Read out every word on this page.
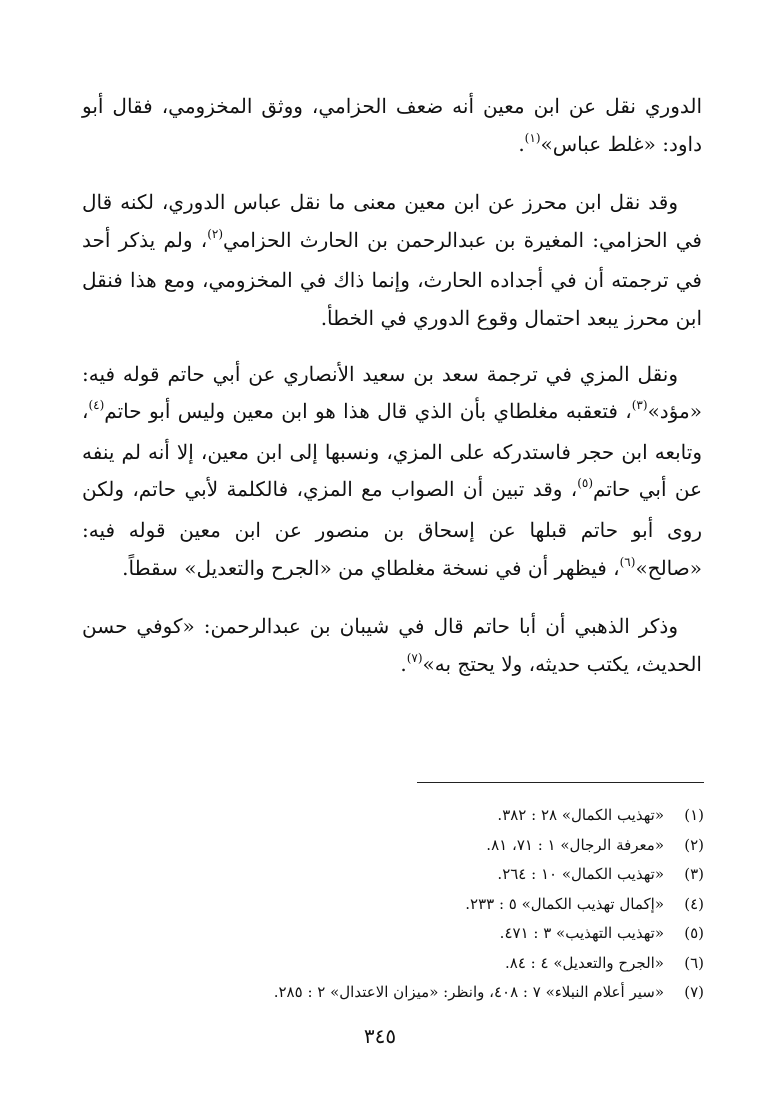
الدوري نقل عن ابن معين أنه ضعف الحزامي، ووثق المخزومي، فقال أبو داود: «غلط عباس»$^{(١)}$.

وقد نقل ابن محرز عن ابن معين معنى ما نقل عباس الدوري، لكنه قال في الحزامي: المغيرة بن عبدالرحمن بن الحارث الحزامي$^{(٢)}$، ولم يذكر أحد في ترجمته أن في أجداده الحارث، وإنما ذاك في المخزومي، ومع هذا فنقل ابن محرز يبعد احتمال وقوع الدوري في الخطأ.

ونقل المزي في ترجمة سعد بن سعيد الأنصاري عن أبي حاتم قوله فيه: «مؤد»$^{(٣)}$، فتعقبه مغلطاي بأن الذي قال هذا هو ابن معين وليس أبو حاتم$^{(٤)}$، وتابعه ابن حجر فاستدركه على المزي، ونسبها إلى ابن معين، إلا أنه لم ينفه عن أبي حاتم$^{(٥)}$، وقد تبين أن الصواب مع المزي، فالكلمة لأبي حاتم، ولكن روى أبو حاتم قبلها عن إسحاق بن منصور عن ابن معين قوله فيه: «صالح»$^{(٦)}$، فيظهر أن في نسخة مغلطاي من «الجرح والتعديل» سقطاً.

وذكر الذهبي أن أبا حاتم قال في شيبان بن عبدالرحمن: «كوفي حسن الحديث، يكتب حديثه، ولا يحتج به»$^{(٧)}$.

(١)
«تهذيب الكمال» ٢٨ : ٣٨٢.
(٢)
«معرفة الرجال» ١ : ٧١، ٨١.
(٣)
«تهذيب الكمال» ١٠ : ٢٦٤.
(٤)
«إكمال تهذيب الكمال» ٥ : ٢٣٣.
(٥)
«تهذيب التهذيب» ٣ : ٤٧١.
(٦)
«الجرح والتعديل» ٤ : ٨٤.
(٧)
«سير أعلام النبلاء» ٧ : ٤٠٨، وانظر: «ميزان الاعتدال» ٢ : ٢٨٥.
٣٤٥
